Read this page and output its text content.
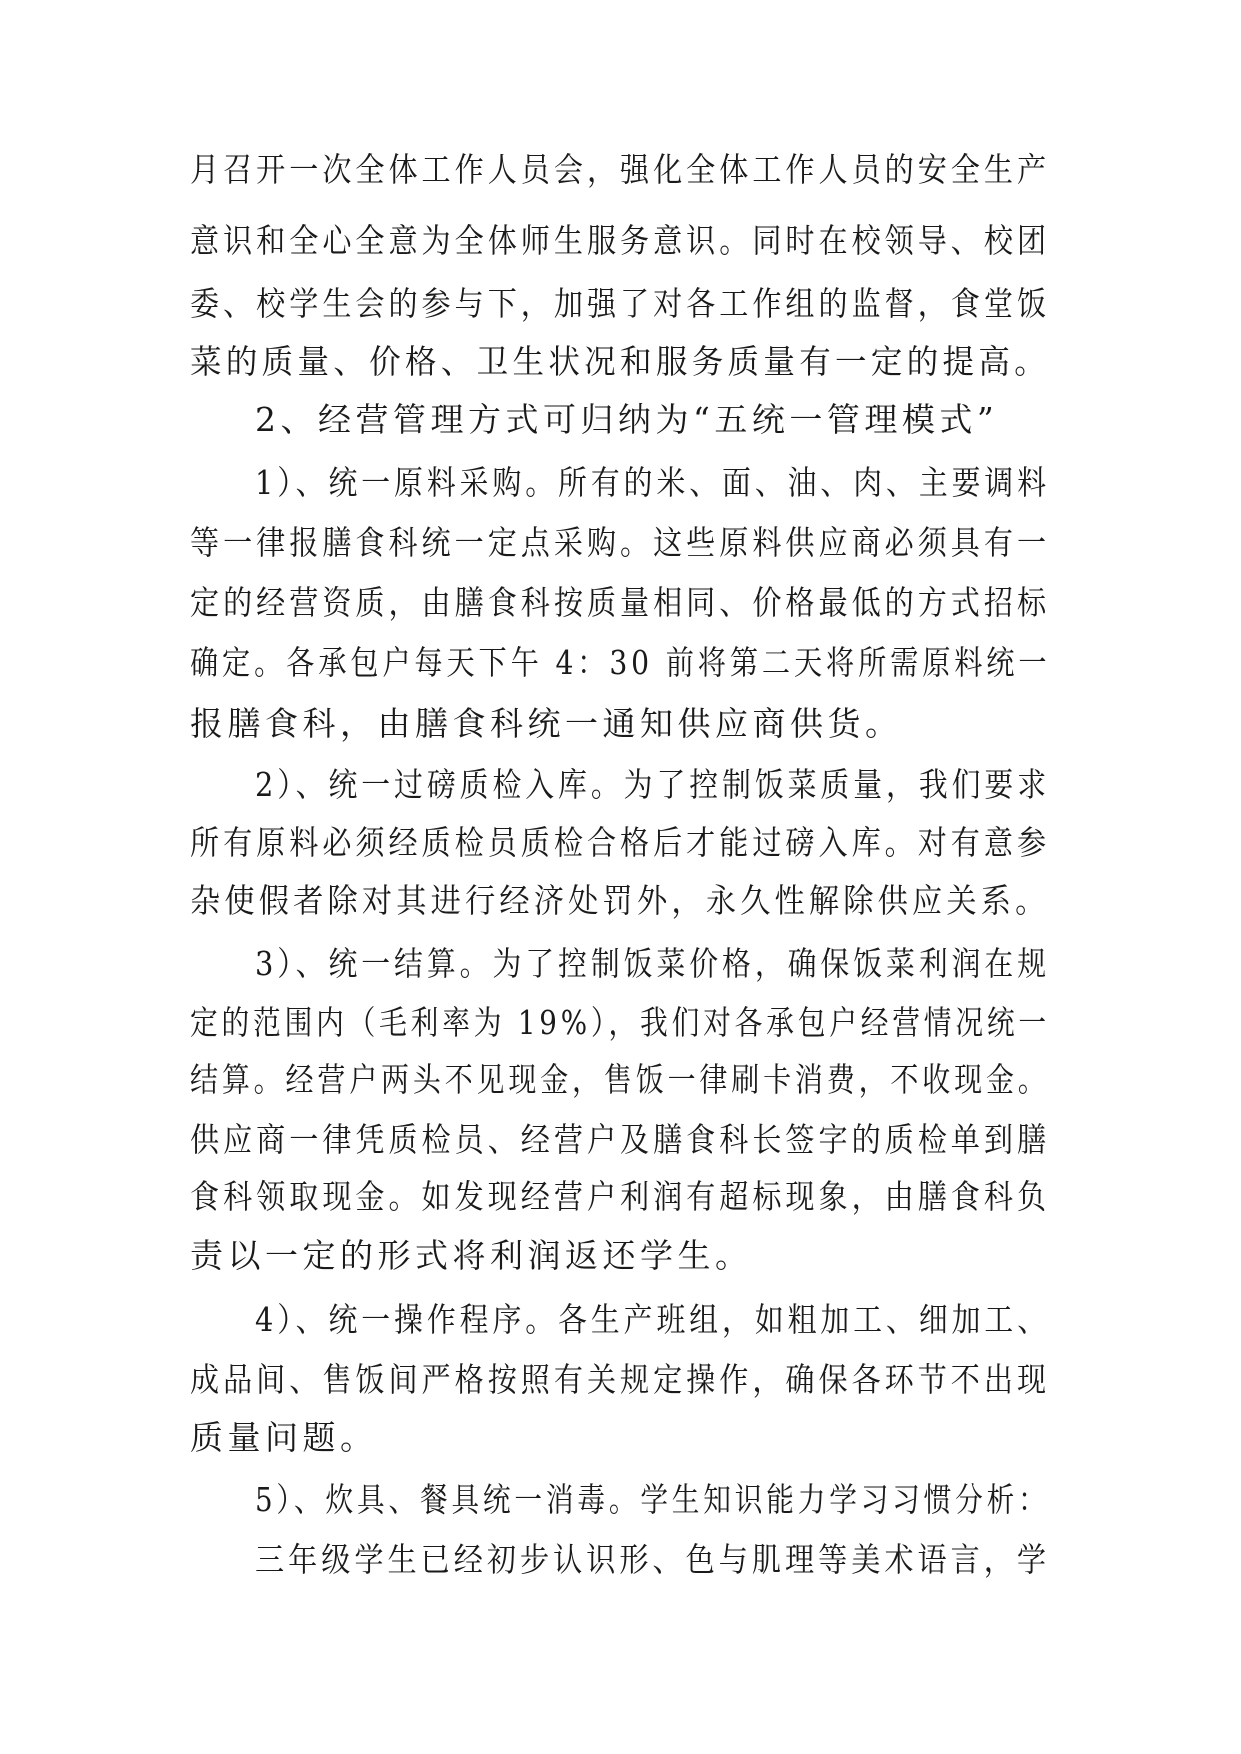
月召开一次全体工作人员会，强化全体工作人员的安全生产
意识和全心全意为全体师生服务意识。同时在校领导、校团
委、校学生会的参与下，加强了对各工作组的监督，食堂饭
菜的质量、价格、卫生状况和服务质量有一定的提高。
2、经营管理方式可归纳为“五统一管理模式”
1）、统一原料采购。所有的米、面、油、肉、主要调料
等一律报膳食科统一定点采购。这些原料供应商必须具有一
定的经营资质，由膳食科按质量相同、价格最低的方式招标
确定。各承包户每天下午 4：30 前将第二天将所需原料统一
报膳食科，由膳食科统一通知供应商供货。
2）、统一过磅质检入库。为了控制饭菜质量，我们要求
所有原料必须经质检员质检合格后才能过磅入库。对有意参
杂使假者除对其进行经济处罚外，永久性解除供应关系。
3）、统一结算。为了控制饭菜价格，确保饭菜利润在规
定的范围内（毛利率为 19%），我们对各承包户经营情况统一
结算。经营户两头不见现金，售饭一律刷卡消费，不收现金。
供应商一律凭质检员、经营户及膳食科长签字的质检单到膳
食科领取现金。如发现经营户利润有超标现象，由膳食科负
责以一定的形式将利润返还学生。
4）、统一操作程序。各生产班组，如粗加工、细加工、
成品间、售饭间严格按照有关规定操作，确保各环节不出现
质量问题。
5）、炊具、餐具统一消毒。学生知识能力学习习惯分析：
三年级学生已经初步认识形、色与肌理等美术语言，学
